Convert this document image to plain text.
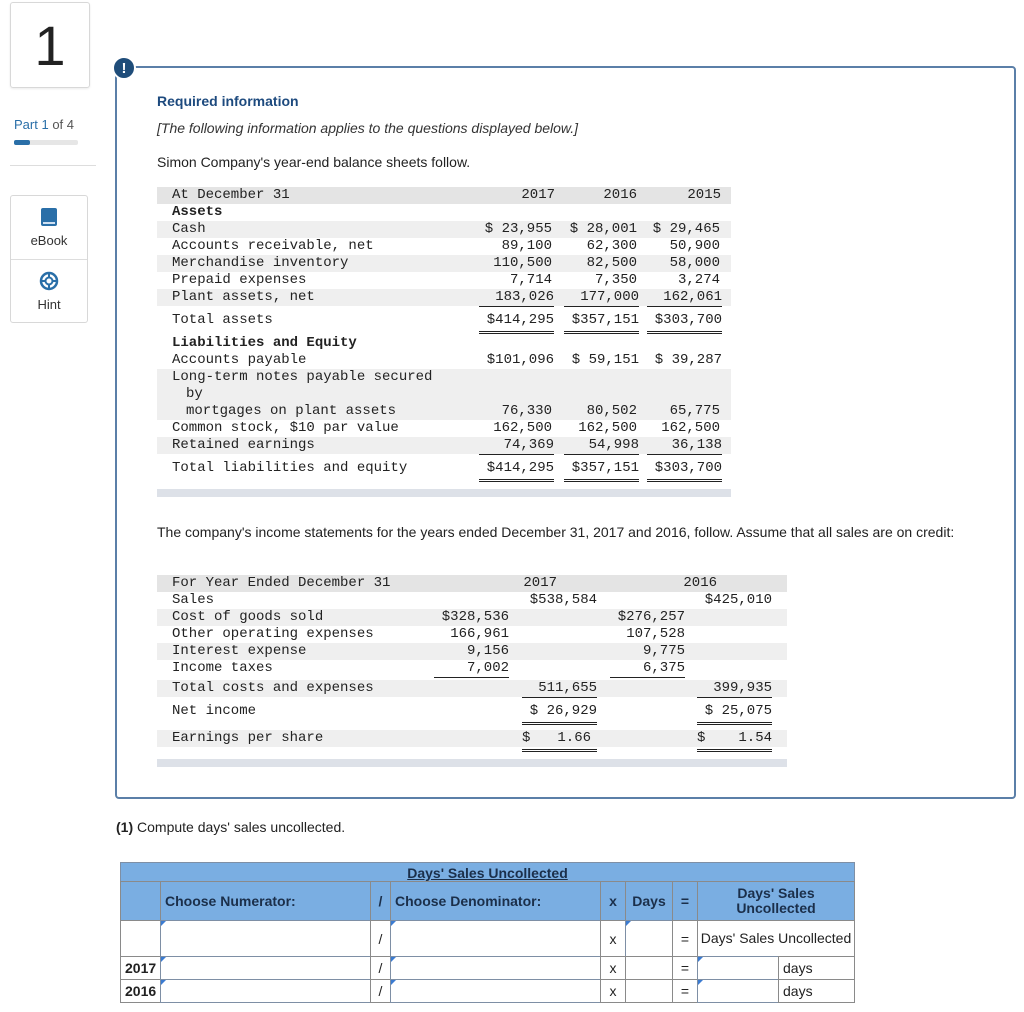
1
Part 1 of 4
eBook
Hint
!
Required information
[The following information applies to the questions displayed below.]
Simon Company's year-end balance sheets follow.
At December 31	2017	2016	2015
Assets
Cash	$ 23,955	$ 28,001	$ 29,465
Accounts receivable, net	89,100	62,300	50,900
Merchandise inventory	110,500	82,500	58,000
Prepaid expenses	7,714	7,350	3,274
Plant assets, net	183,026	177,000	162,061
Total assets	$414,295	$357,151	$303,700
Liabilities and Equity
Accounts payable	$101,096	$ 59,151	$ 39,287
Long-term notes payable secured
by
mortgages on plant assets	76,330	80,502	65,775
Common stock, $10 par value	162,500	162,500	162,500
Retained earnings	74,369	54,998	36,138
Total liabilities and equity	$414,295	$357,151	$303,700
The company's income statements for the years ended December 31, 2017 and 2016, follow. Assume that all sales are on credit:
For Year Ended December 31	2017	2016
Sales	$538,584	$425,010
Cost of goods sold	$328,536	$276,257
Other operating expenses	166,961	107,528
Interest expense	9,156	9,775
Income taxes	7,002	6,375
Total costs and expenses	511,655	399,935
Net income	$ 26,929	$ 25,075
Earnings per share	$ 1.66	$ 1.54
(1) Compute days' sales uncollected.
Days' Sales Uncollected
Choose Numerator:	/ Choose Denominator:	x	Days	=	Days' Sales Uncollected
/	x	= Days' Sales Uncollected
2017	/	x	=	days
2016	/	x	=	days
